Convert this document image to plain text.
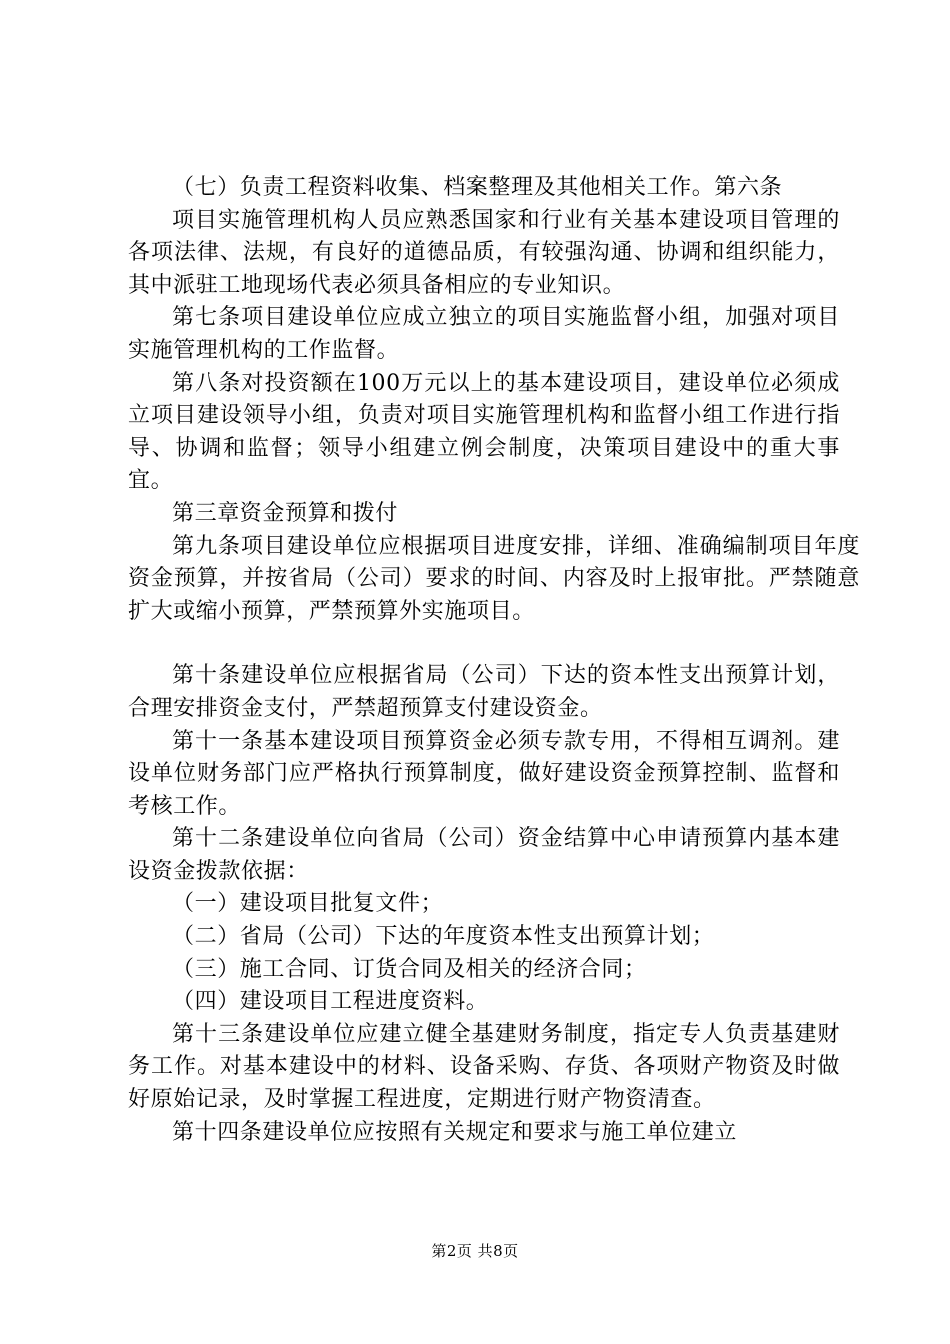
（七）负责工程资料收集、档案整理及其他相关工作。第六条

项目实施管理机构人员应熟悉国家和行业有关基本建设项目管理的各项法律、法规，有良好的道德品质，有较强沟通、协调和组织能力，其中派驻工地现场代表必须具备相应的专业知识。

第七条项目建设单位应成立独立的项目实施监督小组，加强对项目实施管理机构的工作监督。

第八条对投资额在100万元以上的基本建设项目，建设单位必须成立项目建设领导小组，负责对项目实施管理机构和监督小组工作进行指导、协调和监督；领导小组建立例会制度，决策项目建设中的重大事宜。

第三章资金预算和拨付

第九条项目建设单位应根据项目进度安排，详细、准确编制项目年度资金预算，并按省局（公司）要求的时间、内容及时上报审批。严禁随意扩大或缩小预算，严禁预算外实施项目。

第十条建设单位应根据省局（公司）下达的资本性支出预算计划，合理安排资金支付，严禁超预算支付建设资金。

第十一条基本建设项目预算资金必须专款专用，不得相互调剂。建设单位财务部门应严格执行预算制度，做好建设资金预算控制、监督和考核工作。

第十二条建设单位向省局（公司）资金结算中心申请预算内基本建设资金拨款依据：

（一）建设项目批复文件；

（二）省局（公司）下达的年度资本性支出预算计划；

（三）施工合同、订货合同及相关的经济合同；

（四）建设项目工程进度资料。

第十三条建设单位应建立健全基建财务制度，指定专人负责基建财务工作。对基本建设中的材料、设备采购、存货、各项财产物资及时做好原始记录，及时掌握工程进度，定期进行财产物资清查。

第十四条建设单位应按照有关规定和要求与施工单位建立

第2页 共8页
